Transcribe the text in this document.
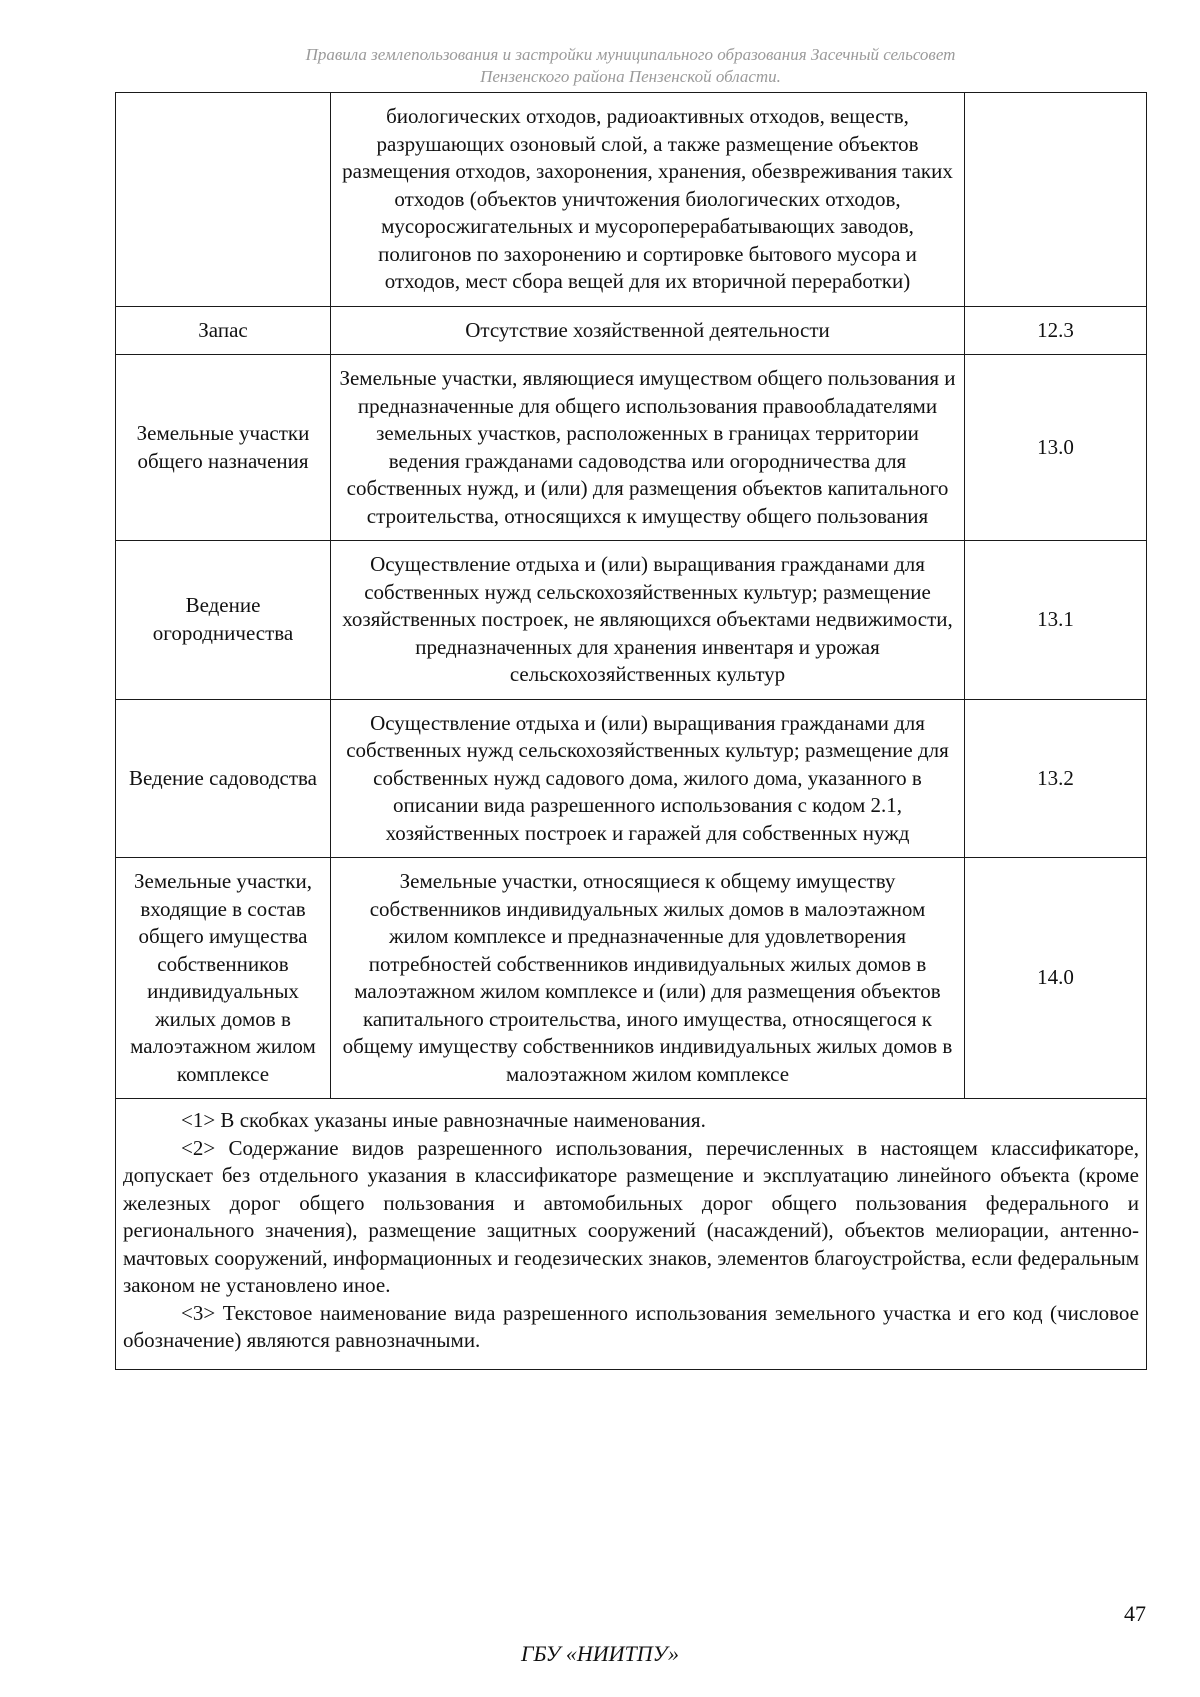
Правила землепользования и застройки муниципального образования Засечный сельсовет
Пензенского района Пензенской области.
	биологических отходов, радиоактивных отходов, веществ, разрушающих озоновый слой, а также размещение объектов размещения отходов, захоронения, хранения, обезвреживания таких отходов (объектов уничтожения биологических отходов, мусоросжигательных и мусороперерабатывающих заводов, полигонов по захоронению и сортировке бытового мусора и отходов, мест сбора вещей для их вторичной переработки)	
Запас	Отсутствие хозяйственной деятельности	12.3
Земельные участки общего назначения	Земельные участки, являющиеся имуществом общего пользования и предназначенные для общего использования правообладателями земельных участков, расположенных в границах территории ведения гражданами садоводства или огородничества для собственных нужд, и (или) для размещения объектов капитального строительства, относящихся к имуществу общего пользования	13.0
Ведение огородничества	Осуществление отдыха и (или) выращивания гражданами для собственных нужд сельскохозяйственных культур; размещение хозяйственных построек, не являющихся объектами недвижимости, предназначенных для хранения инвентаря и урожая сельскохозяйственных культур	13.1
Ведение садоводства	Осуществление отдыха и (или) выращивания гражданами для собственных нужд сельскохозяйственных культур; размещение для собственных нужд садового дома, жилого дома, указанного в описании вида разрешенного использования с кодом 2.1, хозяйственных построек и гаражей для собственных нужд	13.2
Земельные участки, входящие в состав общего имущества собственников индивидуальных жилых домов в малоэтажном жилом комплексе	Земельные участки, относящиеся к общему имуществу собственников индивидуальных жилых домов в малоэтажном жилом комплексе и предназначенные для удовлетворения потребностей собственников индивидуальных жилых домов в малоэтажном жилом комплексе и (или) для размещения объектов капитального строительства, иного имущества, относящегося к общему имуществу собственников индивидуальных жилых домов в малоэтажном жилом комплексе	14.0

<1> В скобках указаны иные равнозначные наименования.

<2> Содержание видов разрешенного использования, перечисленных в настоящем классификаторе, допускает без отдельного указания в классификаторе размещение и эксплуатацию линейного объекта (кроме железных дорог общего пользования и автомобильных дорог общего пользования федерального и регионального значения), размещение защитных сооружений (насаждений), объектов мелиорации, антенно-мачтовых сооружений, информационных и геодезических знаков, элементов благоустройства, если федеральным законом не установлено иное.

<3> Текстовое наименование вида разрешенного использования земельного участка и его код (числовое обозначение) являются равнозначными.		

47
ГБУ «НИИТПУ»
